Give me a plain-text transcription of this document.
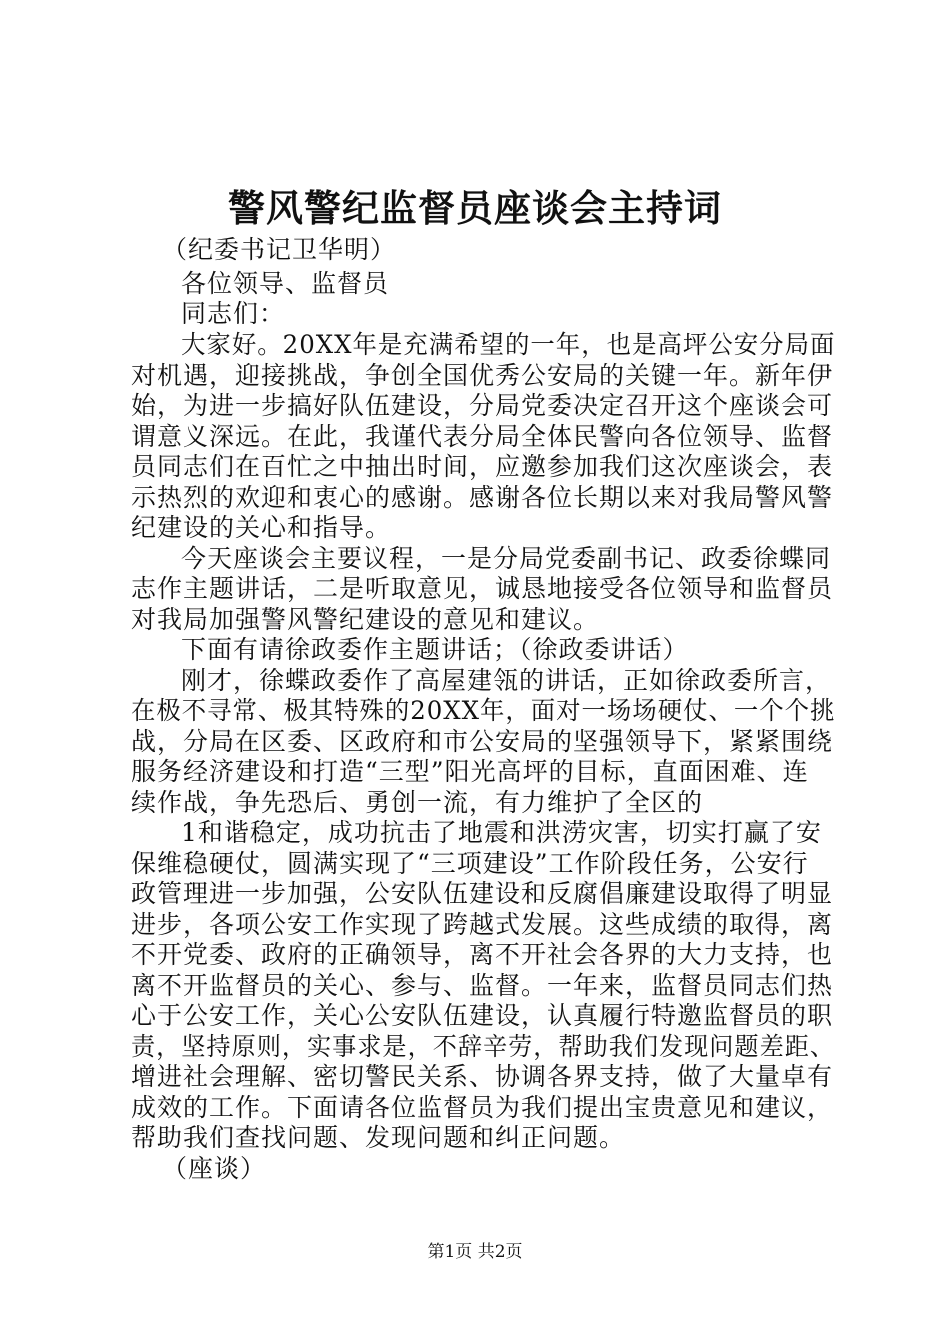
警风警纪监督员座谈会主持词
（纪委书记卫华明）
各位领导、监督员
同志们：
大家好。20XX年是充满希望的一年，也是高坪公安分局面
对机遇，迎接挑战，争创全国优秀公安局的关键一年。新年伊
始，为进一步搞好队伍建设，分局党委决定召开这个座谈会可
谓意义深远。在此，我谨代表分局全体民警向各位领导、监督
员同志们在百忙之中抽出时间，应邀参加我们这次座谈会，表
示热烈的欢迎和衷心的感谢。感谢各位长期以来对我局警风警
纪建设的关心和指导。
今天座谈会主要议程，一是分局党委副书记、政委徐蝶同
志作主题讲话，二是听取意见，诚恳地接受各位领导和监督员
对我局加强警风警纪建设的意见和建议。
下面有请徐政委作主题讲话；（徐政委讲话）
刚才，徐蝶政委作了高屋建瓴的讲话，正如徐政委所言，
在极不寻常、极其特殊的20XX年，面对一场场硬仗、一个个挑
战，分局在区委、区政府和市公安局的坚强领导下，紧紧围绕
服务经济建设和打造“三型”阳光高坪的目标，直面困难、连
续作战，争先恐后、勇创一流，有力维护了全区的
1和谐稳定，成功抗击了地震和洪涝灾害，切实打赢了安
保维稳硬仗，圆满实现了“三项建设”工作阶段任务，公安行
政管理进一步加强，公安队伍建设和反腐倡廉建设取得了明显
进步，各项公安工作实现了跨越式发展。这些成绩的取得，离
不开党委、政府的正确领导，离不开社会各界的大力支持，也
离不开监督员的关心、参与、监督。一年来，监督员同志们热
心于公安工作，关心公安队伍建设，认真履行特邀监督员的职
责，坚持原则，实事求是，不辞辛劳，帮助我们发现问题差距、
增进社会理解、密切警民关系、协调各界支持，做了大量卓有
成效的工作。下面请各位监督员为我们提出宝贵意见和建议，
帮助我们查找问题、发现问题和纠正问题。
（座谈）
第1页 共2页
